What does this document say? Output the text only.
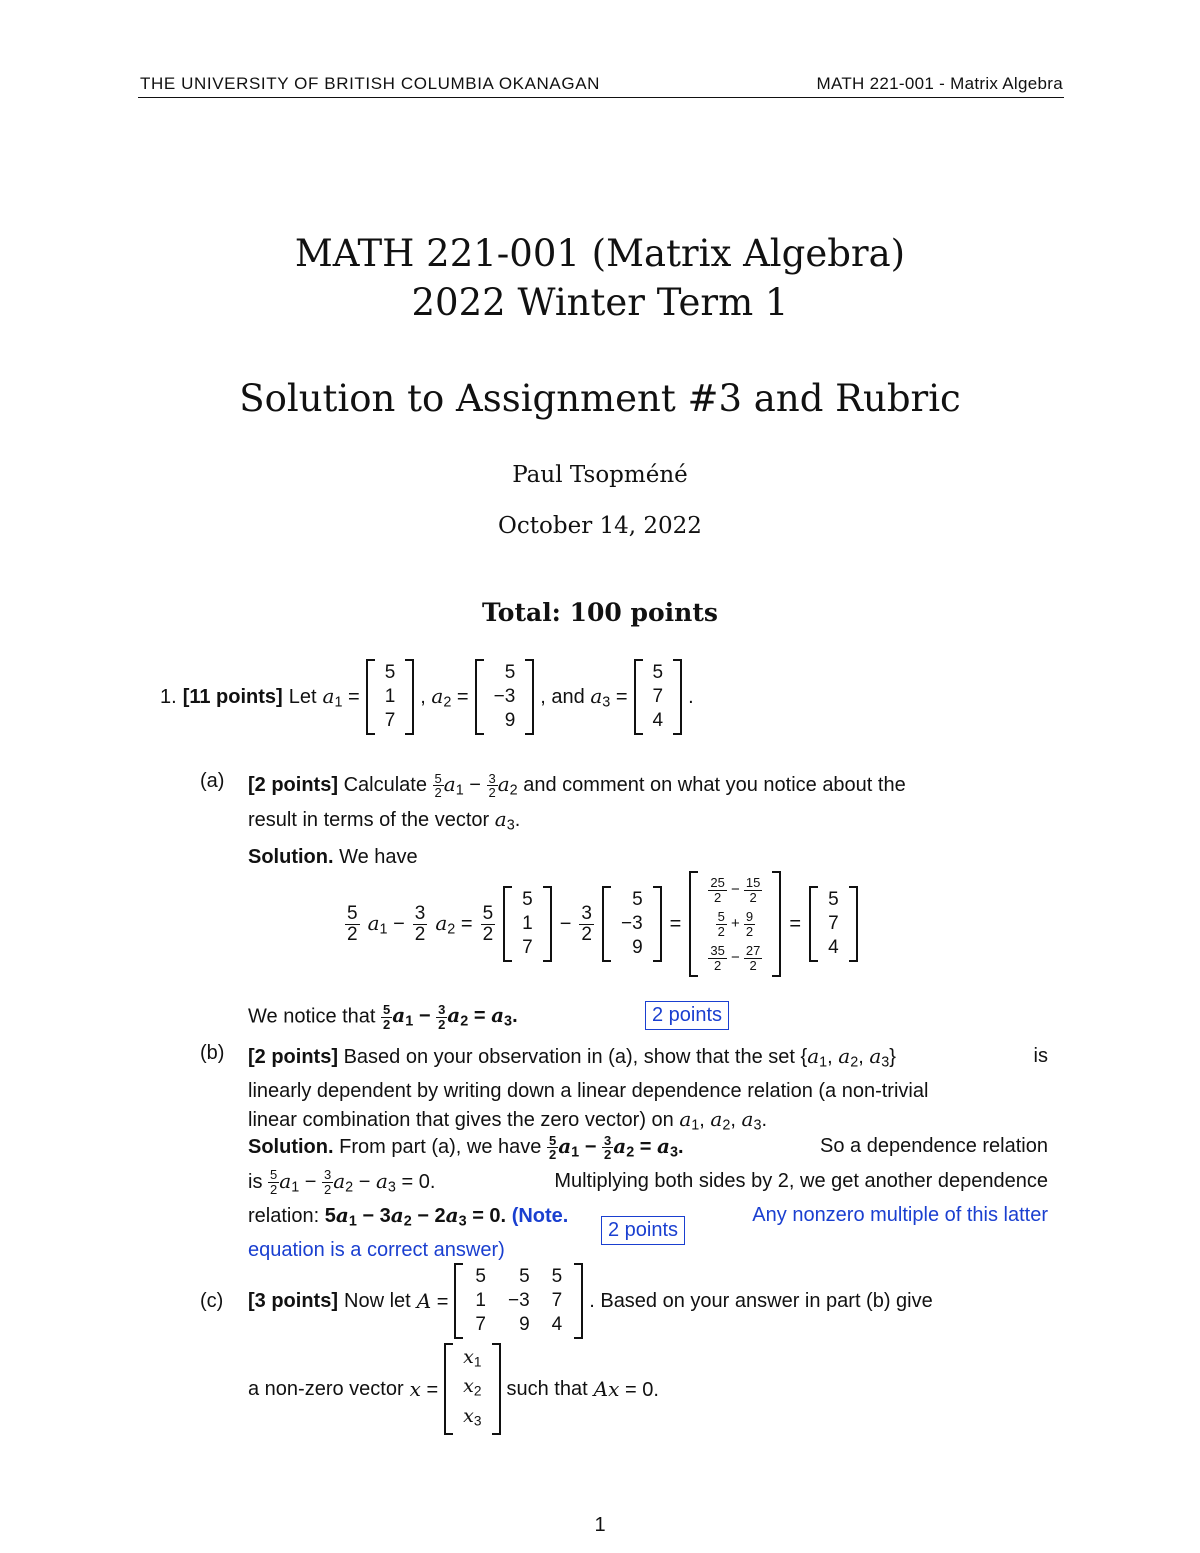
THE UNIVERSITY OF BRITISH COLUMBIA OKANAGAN	MATH 221-001 - Matrix Algebra
MATH 221-001 (Matrix Algebra)
2022 Winter Term 1
Solution to Assignment #3 and Rubric
Paul Tsopméné
October 14, 2022
Total: 100 points
1. [11 points] Let $a_1$ =
5
1
7
, $a_2$ =
5
−3
9
, and $a_3$ =
5
7
4
.
(a) [2 points] Calculate $\frac{5}{2} a_1 - \frac{3}{2} a_2$ and comment on what you notice about the
result in terms of the vector $a_3$.
Solution. We have
$\frac{5}{2} a_1 - \frac{3}{2} a_2 = \frac{5}{2}$
5
1
7
− $\frac{3}{2}$
5
−3
9
=
$\frac{25}{2} - \frac{15}{2}$
$\frac{5}{2} + \frac{9}{2}$
$\frac{35}{2} - \frac{27}{2}$
=
5
7
4
We notice that $\frac{5}{2} a_1 - \frac{3}{2} a_2 = a_3$.	2 points
(b) [2 points] Based on your observation in (a), show that the set {$a_1$, $a_2$, $a_3$}	is
linearly dependent by writing down a linear dependence relation (a non-trivial
linear combination that gives the zero vector) on $a_1$, $a_2$, $a_3$.
Solution. From part (a), we have $\frac{5}{2} a_1 - \frac{3}{2} a_2 = a_3$.	So a dependence relation
is $\frac{5}{2} a_1 - \frac{3}{2} a_2 - a_3 = 0$.	Multiplying both sides by 2, we get another dependence
relation: $5a_1 - 3a_2 - 2a_3 = 0$. (Note.	Any nonzero multiple of this latter
equation is a correct answer)
2 points
(c) [3 points] Now let A =
5	5 5
1 −3 7
7	9 4
. Based on your answer in part (b) give
a non-zero vector x =
$x_1$
$x_2$
$x_3$
such that Ax = 0.
1
